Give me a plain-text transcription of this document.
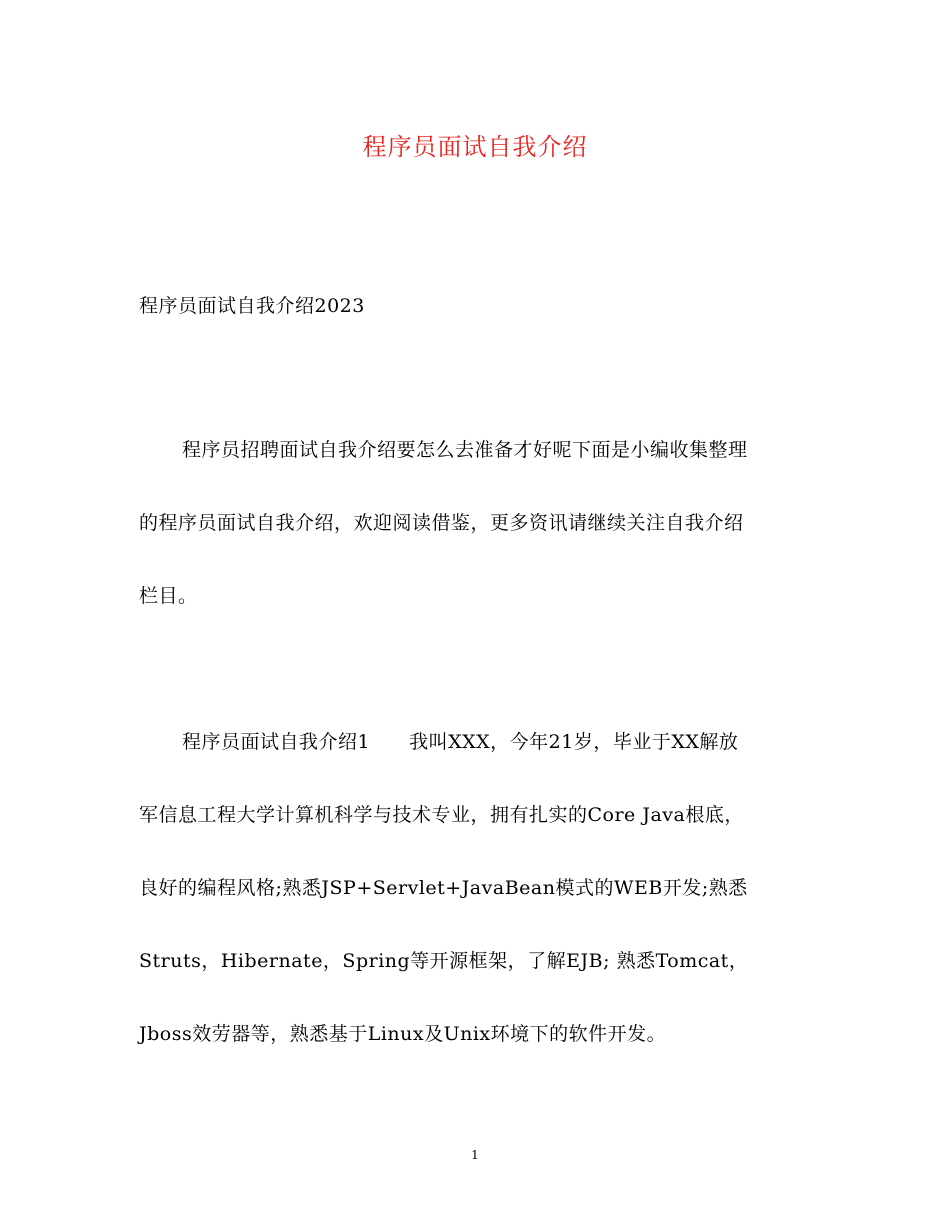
程序员面试自我介绍
程序员面试自我介绍2023

程序员招聘面试自我介绍要怎么去准备才好呢下面是小编收集整理
的程序员面试自我介绍，欢迎阅读借鉴，更多资讯请继续关注自我介绍
栏目。

程序员面试自我介绍1　　我叫XXX，今年21岁，毕业于XX解放
军信息工程大学计算机科学与技术专业，拥有扎实的Core Java根底，
良好的编程风格;熟悉JSP+Servlet+JavaBean模式的WEB开发;熟悉
Struts，Hibernate，Spring等开源框架，了解EJB; 熟悉Tomcat，
Jboss效劳器等，熟悉基于Linux及Unix环境下的软件开发。

1
